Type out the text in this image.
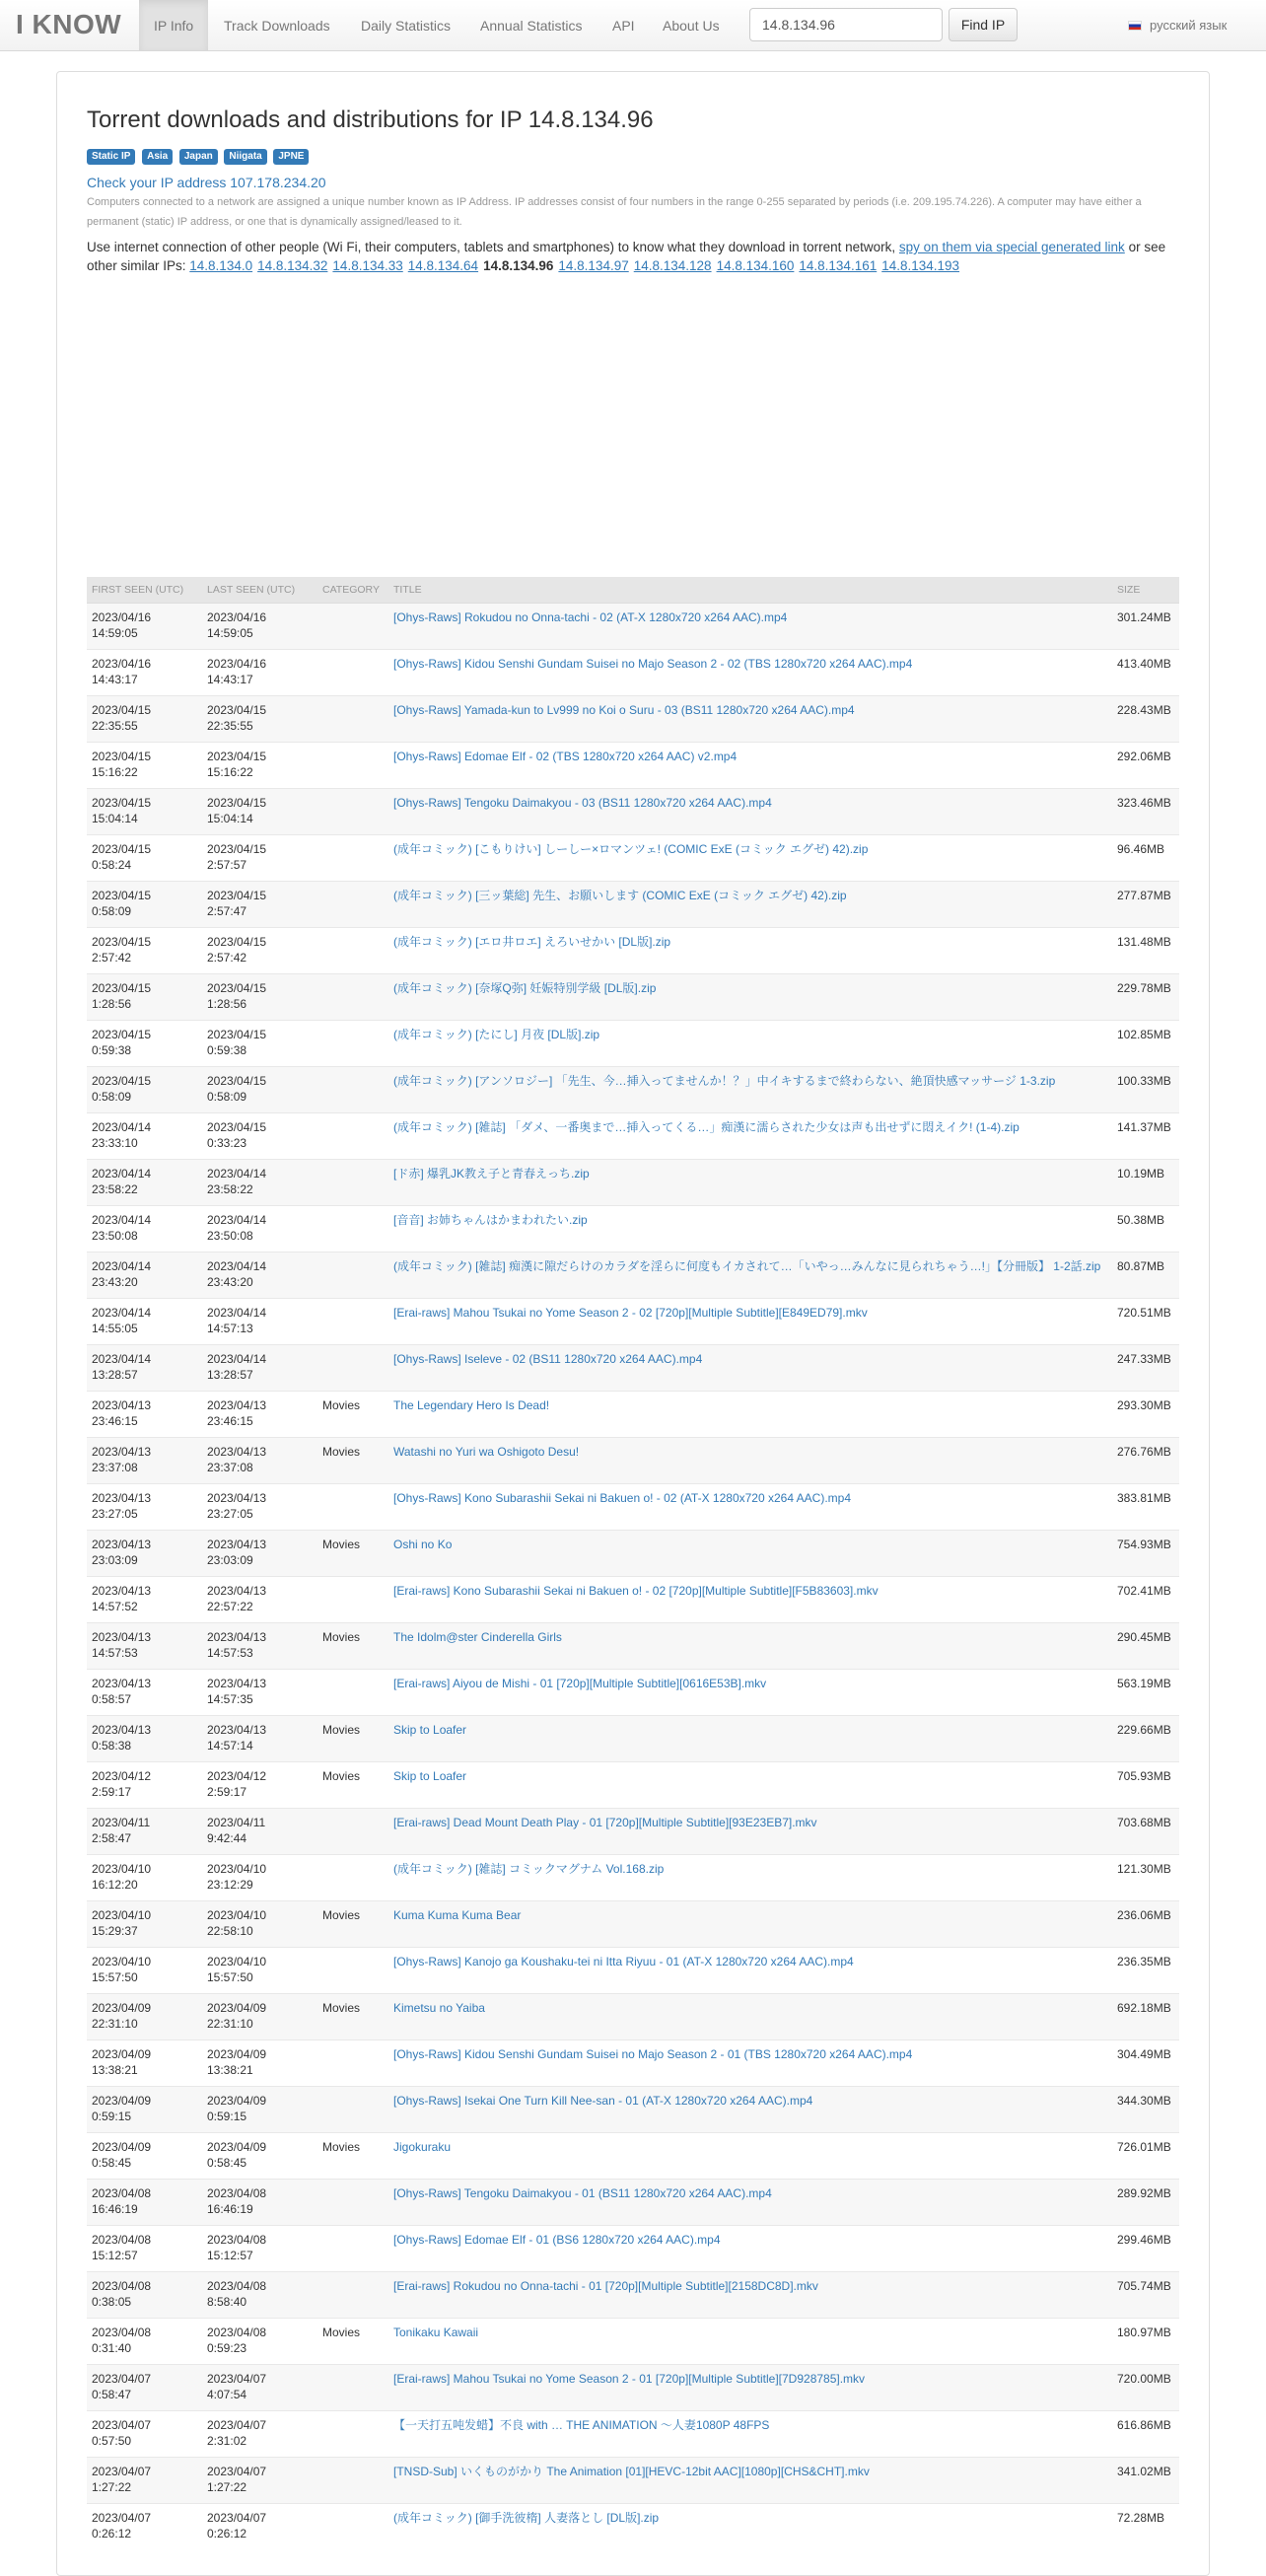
I KNOW	IP Info	Track Downloads	Daily Statistics	Annual Statistics	API	About Us
14.8.134.96	Find IP	русский язык
Torrent downloads and distributions for IP 14.8.134.96
Static IP Asia Japan Niigata JPNE
Check your IP address 107.178.234.20
Computers connected to a network are assigned a unique number known as IP Address. IP addresses consist of four numbers in the range 0-255 separated by periods (i.e. 209.195.74.226). A computer may have either a permanent (static) IP address, or one that is dynamically assigned/leased to it.
Use internet connection of other people (Wi Fi, their computers, tablets and smartphones) to know what they download in torrent network, spy on them via special generated link or see other similar IPs: 14.8.134.0 14.8.134.32 14.8.134.33 14.8.134.64 14.8.134.96 14.8.134.97 14.8.134.128 14.8.134.160 14.8.134.161 14.8.134.193
FIRST SEEN (UTC)	LAST SEEN (UTC)	CATEGORY	TITLE	SIZE
2023/04/16
14:59:05	2023/04/16
14:59:05		[Ohys-Raws] Rokudou no Onna-tachi - 02 (AT-X 1280x720 x264 AAC).mp4	301.24MB
2023/04/16
14:43:17	2023/04/16
14:43:17		[Ohys-Raws] Kidou Senshi Gundam Suisei no Majo Season 2 - 02 (TBS 1280x720 x264 AAC).mp4	413.40MB
2023/04/15
22:35:55	2023/04/15
22:35:55		[Ohys-Raws] Yamada-kun to Lv999 no Koi o Suru - 03 (BS11 1280x720 x264 AAC).mp4	228.43MB
2023/04/15
15:16:22	2023/04/15
15:16:22		[Ohys-Raws] Edomae Elf - 02 (TBS 1280x720 x264 AAC) v2.mp4	292.06MB
2023/04/15
15:04:14	2023/04/15
15:04:14		[Ohys-Raws] Tengoku Daimakyou - 03 (BS11 1280x720 x264 AAC).mp4	323.46MB
2023/04/15
0:58:24	2023/04/15
2:57:57		(成年コミック) [こもりけい] しーしー×ロマンツェ! (COMIC ExE (コミック エグゼ) 42).zip	96.46MB
2023/04/15
0:58:09	2023/04/15
2:57:47		(成年コミック) [三ッ葉総] 先生、お願いします (COMIC ExE (コミック エグゼ) 42).zip	277.87MB
2023/04/15
2:57:42	2023/04/15
2:57:42		(成年コミック) [エロ井ロエ] えろいせかい [DL版].zip	131.48MB
2023/04/15
1:28:56	2023/04/15
1:28:56		(成年コミック) [奈塚Q弥] 妊娠特別学級 [DL版].zip	229.78MB
2023/04/15
0:59:38	2023/04/15
0:59:38		(成年コミック) [たにし] 月夜 [DL版].zip	102.85MB
2023/04/15
0:58:09	2023/04/15
0:58:09		(成年コミック) [アンソロジー] 「先生、今…挿入ってませんか！？」中イキするまで終わらない、絶頂快感マッサージ 1-3.zip	100.33MB
2023/04/14
23:33:10	2023/04/15
0:33:23		(成年コミック) [雑誌] 「ダメ、一番奥まで…挿入ってくる…」痴漢に濡らされた少女は声も出せずに悶えイク! (1-4).zip	141.37MB
2023/04/14
23:58:22	2023/04/14
23:58:22		[ド赤] 爆乳JK教え子と青春えっち.zip	10.19MB
2023/04/14
23:50:08	2023/04/14
23:50:08		[音音] お姉ちゃんはかまわれたい.zip	50.38MB
2023/04/14
23:43:20	2023/04/14
23:43:20		(成年コミック) [雑誌] 痴漢に隙だらけのカラダを淫らに何度もイカされて…「いやっ…みんなに見られちゃう…!」【分冊版】 1-2話.zip	80.87MB
2023/04/14
14:55:05	2023/04/14
14:57:13		[Erai-raws] Mahou Tsukai no Yome Season 2 - 02 [720p][Multiple Subtitle][E849ED79].mkv	720.51MB
2023/04/14
13:28:57	2023/04/14
13:28:57		[Ohys-Raws] Iseleve - 02 (BS11 1280x720 x264 AAC).mp4	247.33MB
2023/04/13
23:46:15	2023/04/13
23:46:15	Movies	The Legendary Hero Is Dead!	293.30MB
2023/04/13
23:37:08	2023/04/13
23:37:08	Movies	Watashi no Yuri wa Oshigoto Desu!	276.76MB
2023/04/13
23:27:05	2023/04/13
23:27:05		[Ohys-Raws] Kono Subarashii Sekai ni Bakuen o! - 02 (AT-X 1280x720 x264 AAC).mp4	383.81MB
2023/04/13
23:03:09	2023/04/13
23:03:09	Movies	Oshi no Ko	754.93MB
2023/04/13
14:57:52	2023/04/13
22:57:22		[Erai-raws] Kono Subarashii Sekai ni Bakuen o! - 02 [720p][Multiple Subtitle][F5B83603].mkv	702.41MB
2023/04/13
14:57:53	2023/04/13
14:57:53	Movies	The Idolm@ster Cinderella Girls	290.45MB
2023/04/13
0:58:57	2023/04/13
14:57:35		[Erai-raws] Aiyou de Mishi - 01 [720p][Multiple Subtitle][0616E53B].mkv	563.19MB
2023/04/13
0:58:38	2023/04/13
14:57:14	Movies	Skip to Loafer	229.66MB
2023/04/12
2:59:17	2023/04/12
2:59:17	Movies	Skip to Loafer	705.93MB
2023/04/11
2:58:47	2023/04/11
9:42:44		[Erai-raws] Dead Mount Death Play - 01 [720p][Multiple Subtitle][93E23EB7].mkv	703.68MB
2023/04/10
16:12:20	2023/04/10
23:12:29		(成年コミック) [雑誌] コミックマグナム Vol.168.zip	121.30MB
2023/04/10
15:29:37	2023/04/10
22:58:10	Movies	Kuma Kuma Kuma Bear	236.06MB
2023/04/10
15:57:50	2023/04/10
15:57:50		[Ohys-Raws] Kanojo ga Koushaku-tei ni Itta Riyuu - 01 (AT-X 1280x720 x264 AAC).mp4	236.35MB
2023/04/09
22:31:10	2023/04/09
22:31:10	Movies	Kimetsu no Yaiba	692.18MB
2023/04/09
13:38:21	2023/04/09
13:38:21		[Ohys-Raws] Kidou Senshi Gundam Suisei no Majo Season 2 - 01 (TBS 1280x720 x264 AAC).mp4	304.49MB
2023/04/09
0:59:15	2023/04/09
0:59:15		[Ohys-Raws] Isekai One Turn Kill Nee-san - 01 (AT-X 1280x720 x264 AAC).mp4	344.30MB
2023/04/09
0:58:45	2023/04/09
0:58:45	Movies	Jigokuraku	726.01MB
2023/04/08
16:46:19	2023/04/08
16:46:19		[Ohys-Raws] Tengoku Daimakyou - 01 (BS11 1280x720 x264 AAC).mp4	289.92MB
2023/04/08
15:12:57	2023/04/08
15:12:57		[Ohys-Raws] Edomae Elf - 01 (BS6 1280x720 x264 AAC).mp4	299.46MB
2023/04/08
0:38:05	2023/04/08
8:58:40		[Erai-raws] Rokudou no Onna-tachi - 01 [720p][Multiple Subtitle][2158DC8D].mkv	705.74MB
2023/04/08
0:31:40	2023/04/08
0:59:23	Movies	Tonikaku Kawaii	180.97MB
2023/04/07
0:58:47	2023/04/07
4:07:54		[Erai-raws] Mahou Tsukai no Yome Season 2 - 01 [720p][Multiple Subtitle][7D928785].mkv	720.00MB
2023/04/07
0:57:50	2023/04/07
2:31:02		【一天打五吨发蜡】不良 with … THE ANIMATION ～人妻1080P 48FPS	616.86MB
2023/04/07
1:27:22	2023/04/07
1:27:22		[TNSD-Sub] いくものがかり The Animation [01][HEVC-12bit AAC][1080p][CHS&CHT].mkv	341.02MB
2023/04/07
0:26:12	2023/04/07
0:26:12		(成年コミック) [御手洗彼楕] 人妻落とし [DL版].zip	72.28MB
